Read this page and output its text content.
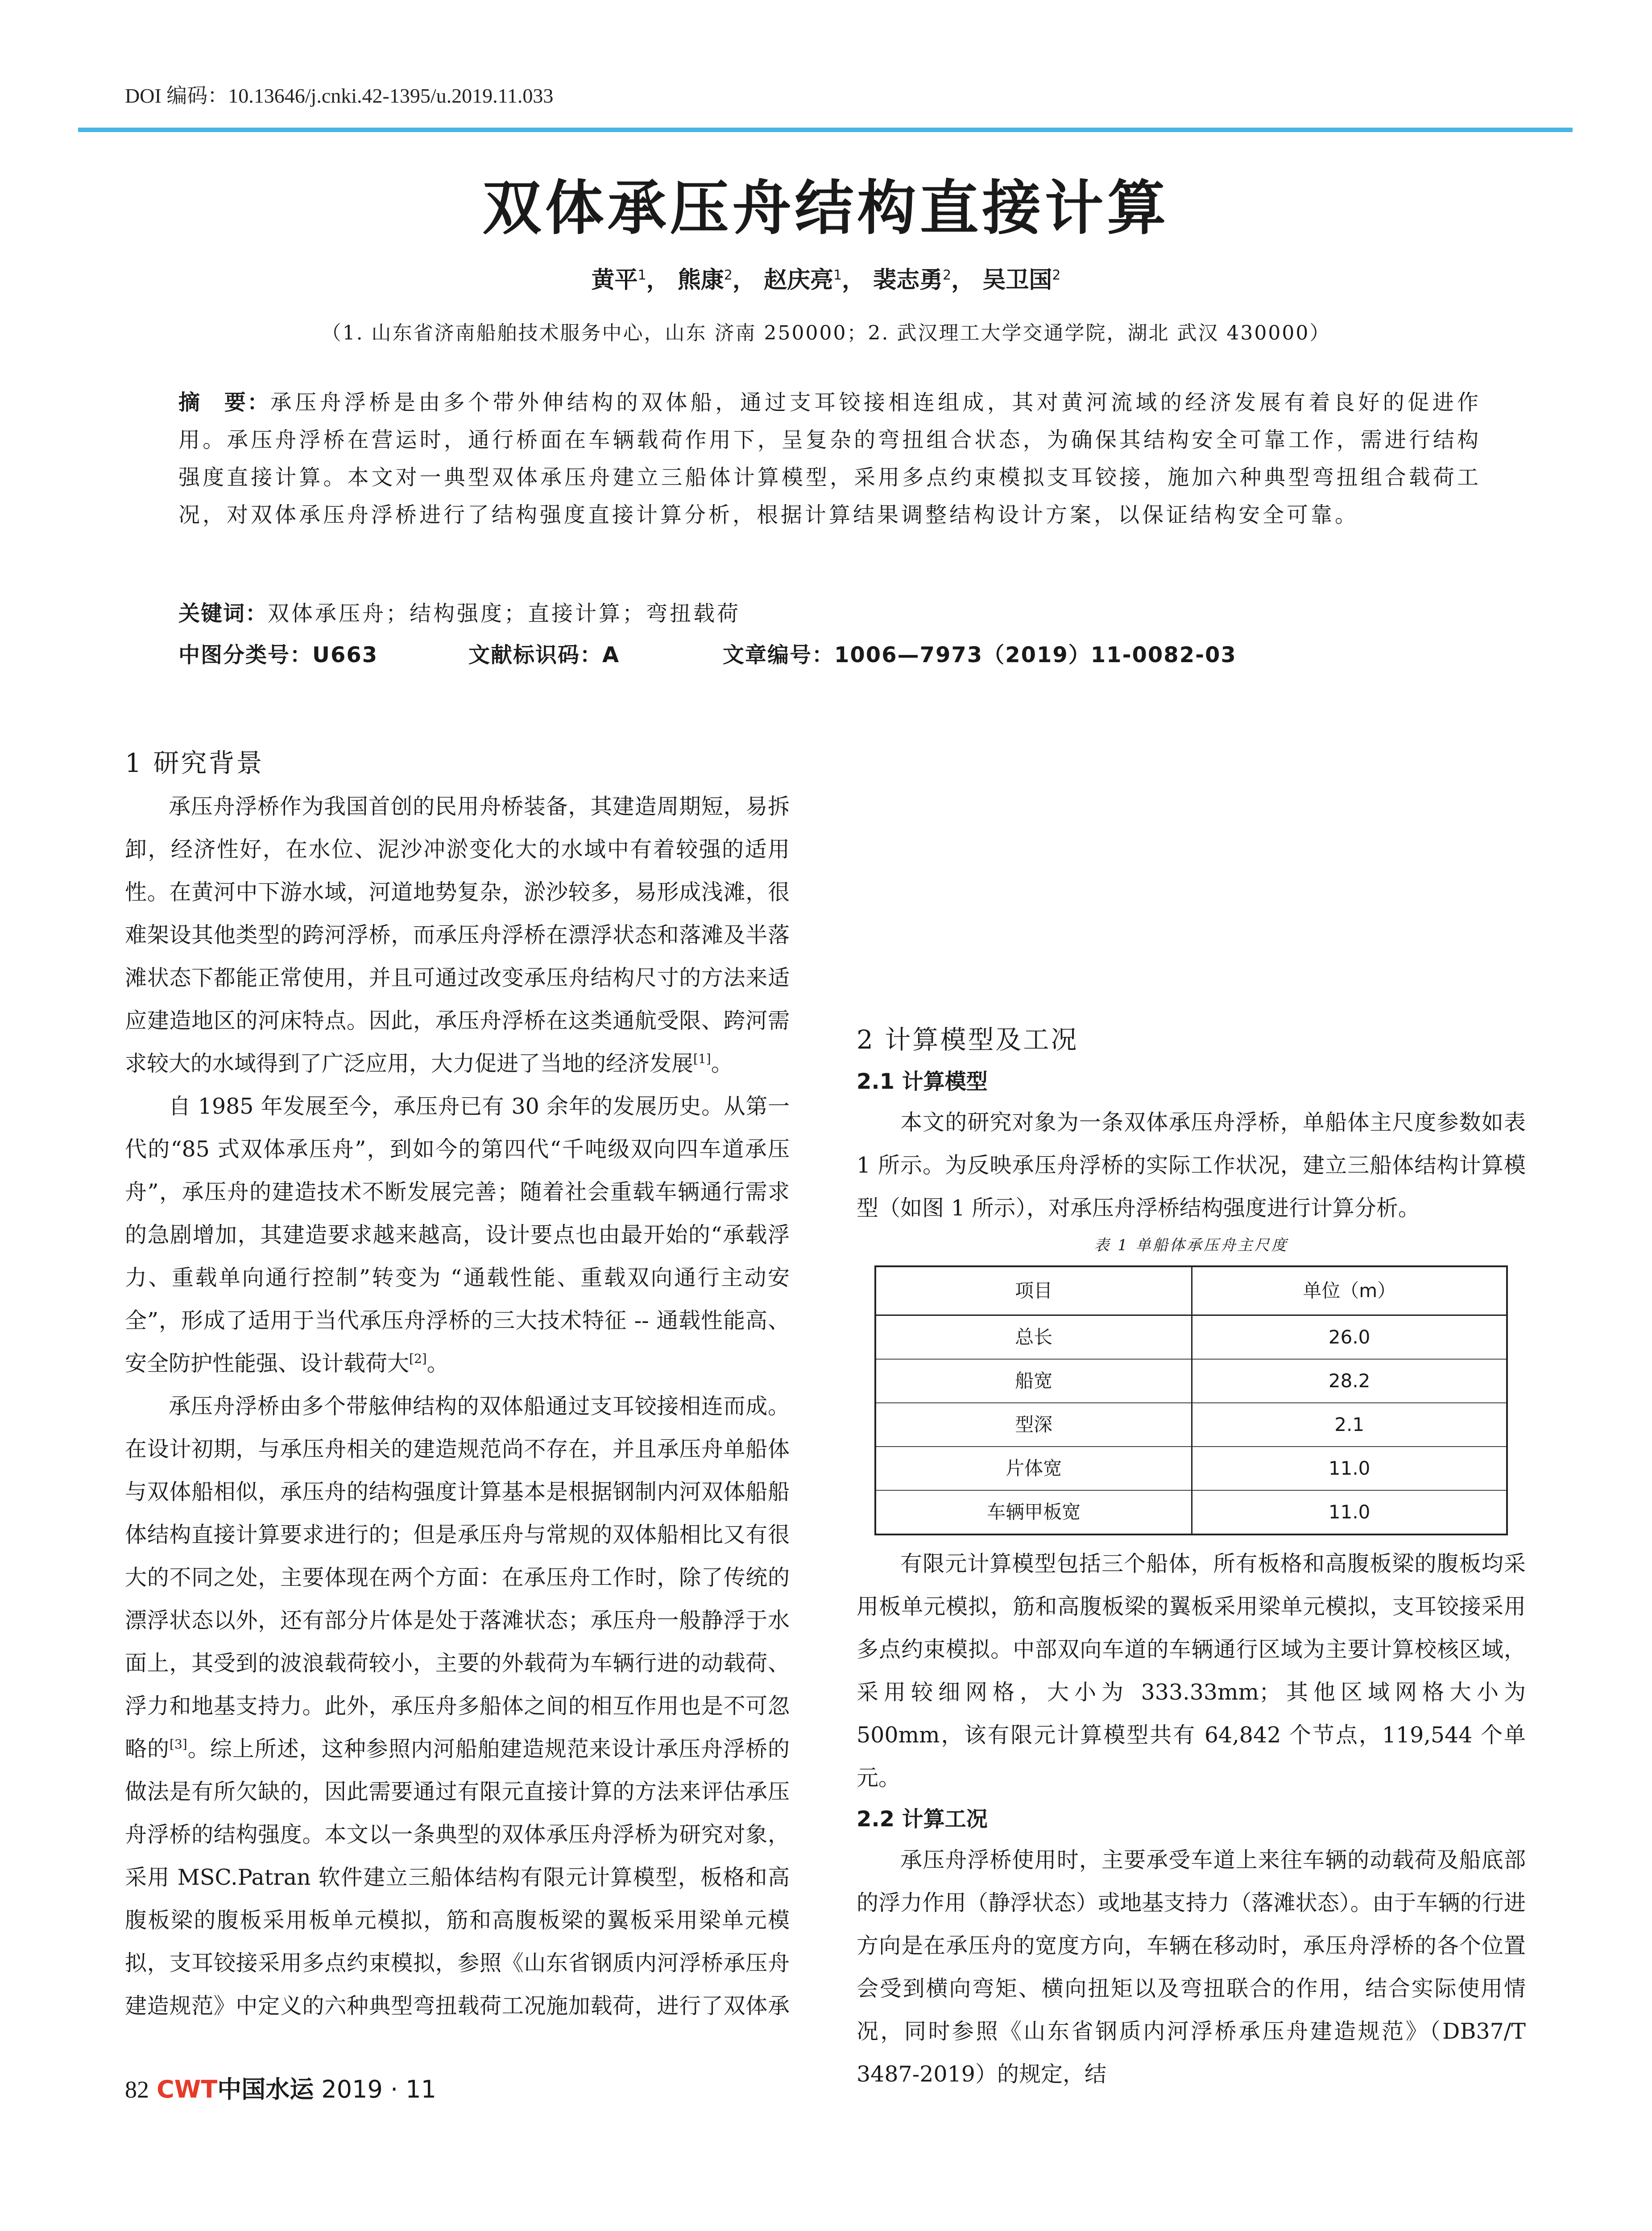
DOI 编码：10.13646/j.cnki.42-1395/u.2019.11.033
双体承压舟结构直接计算
黄平$^1$， 熊康$^2$， 赵庆亮$^1$， 裴志勇$^2$， 吴卫国$^2$
（1. 山东省济南船舶技术服务中心，山东 济南 250000；2. 武汉理工大学交通学院，湖北 武汉 430000）
摘　要：承压舟浮桥是由多个带外伸结构的双体船，通过支耳铰接相连组成，其对黄河流域的经济发展有着良好的促进作用。承压舟浮桥在营运时，通行桥面在车辆载荷作用下，呈复杂的弯扭组合状态，为确保其结构安全可靠工作，需进行结构强度直接计算。本文对一典型双体承压舟建立三船体计算模型，采用多点约束模拟支耳铰接，施加六种典型弯扭组合载荷工况，对双体承压舟浮桥进行了结构强度直接计算分析，根据计算结果调整结构设计方案，以保证结构安全可靠。
关键词：双体承压舟；结构强度；直接计算；弯扭载荷
中图分类号：U663	文献标识码：A	文章编号：1006—7973（2019）11-0082-03
1 研究背景

承压舟浮桥作为我国首创的民用舟桥装备，其建造周期短，易拆卸，经济性好，在水位、泥沙冲淤变化大的水域中有着较强的适用性。在黄河中下游水域，河道地势复杂，淤沙较多，易形成浅滩，很难架设其他类型的跨河浮桥，而承压舟浮桥在漂浮状态和落滩及半落滩状态下都能正常使用，并且可通过改变承压舟结构尺寸的方法来适应建造地区的河床特点。因此，承压舟浮桥在这类通航受限、跨河需求较大的水域得到了广泛应用，大力促进了当地的经济发展[1]。

自 1985 年发展至今，承压舟已有 30 余年的发展历史。从第一代的“85 式双体承压舟”，到如今的第四代“千吨级双向四车道承压舟”，承压舟的建造技术不断发展完善；随着社会重载车辆通行需求的急剧增加，其建造要求越来越高，设计要点也由最开始的“承载浮力、重载单向通行控制”转变为 “通载性能、重载双向通行主动安全”，形成了适用于当代承压舟浮桥的三大技术特征 -- 通载性能高、安全防护性能强、设计载荷大[2]。

承压舟浮桥由多个带舷伸结构的双体船通过支耳铰接相连而成。在设计初期，与承压舟相关的建造规范尚不存在，并且承压舟单船体与双体船相似，承压舟的结构强度计算基本是根据钢制内河双体船船体结构直接计算要求进行的；但是承压舟与常规的双体船相比又有很大的不同之处，主要体现在两个方面：在承压舟工作时，除了传统的漂浮状态以外，还有部分片体是处于落滩状态；承压舟一般静浮于水面上，其受到的波浪载荷较小，主要的外载荷为车辆行进的动载荷、浮力和地基支持力。此外，承压舟多船体之间的相互作用也是不可忽略的[3]。综上所述，这种参照内河船舶建造规范来设计承压舟浮桥的做法是有所欠缺的，因此需要通过有限元直接计算的方法来评估承压舟浮桥的结构强度。本文以一条典型的双体承压舟浮桥为研究对象，采用 MSC.Patran 软件建立三船体结构有限元计算模型，板格和高腹板梁的腹板采用板单元模拟，筋和高腹板梁的翼板采用梁单元模拟，支耳铰接采用多点约束模拟，参照《山东省钢质内河浮桥承压舟建造规范》中定义的六种典型弯扭载荷工况施加载荷，进行了双体承

2 计算模型及工况
2.1 计算模型

本文的研究对象为一条双体承压舟浮桥，单船体主尺度参数如表 1 所示。为反映承压舟浮桥的实际工作状况，建立三船体结构计算模型（如图 1 所示），对承压舟浮桥结构强度进行计算分析。

表 1 单船体承压舟主尺度
项目	单位（m）
总长	26.0
船宽	28.2
型深	2.1
片体宽	11.0
车辆甲板宽	11.0

有限元计算模型包括三个船体，所有板格和高腹板梁的腹板均采用板单元模拟，筋和高腹板梁的翼板采用梁单元模拟，支耳铰接采用多点约束模拟。中部双向车道的车辆通行区域为主要计算校核区域，采用较细网格，大小为 333.33mm；其他区域网格大小为 500mm，该有限元计算模型共有 64,842 个节点，119,544 个单元。

2.2 计算工况

承压舟浮桥使用时，主要承受车道上来往车辆的动载荷及船底部的浮力作用（静浮状态）或地基支持力（落滩状态）。由于车辆的行进方向是在承压舟的宽度方向，车辆在移动时，承压舟浮桥的各个位置会受到横向弯矩、横向扭矩以及弯扭联合的作用，结合实际使用情况，同时参照《山东省钢质内河浮桥承压舟建造规范》（DB37/T 3487-2019）的规定，结

82 CWT中国水运 2019 · 11
